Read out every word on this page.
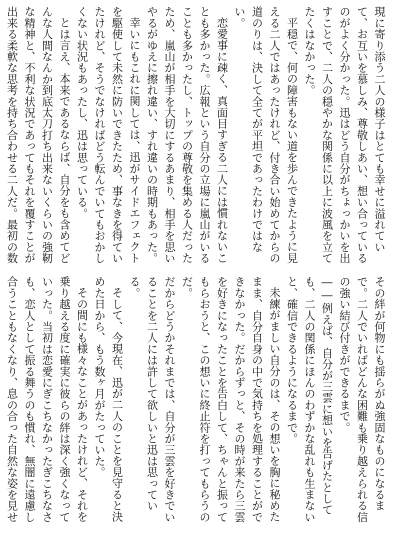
現に寄り添う二人の様子はとても幸せに溢れていて、お互いを慕しみ、尊敬しあい、想い合っているのがよく分かった。迅はどう自分がちょっかいを出すことで、二人の穏やかな関係に以上に波風を立てたくはなかった。
平穏で、何の障害もない道を歩んできたように見える二人ではあったけれど、付き合い始めてからの道のりは、決して全てが平坦であったわけではない。
恋愛事に疎く、真面目すぎる二人には慣れないことも多かった。広報という自分の立場に嵐山がいることも多かったし、トップの尊敬を集める人だったため、嵐山が相手を大切にするあまり、相手を思いやるがゆえに擦れ違い、すれ違いの時期もあった。
幸いにもこれに関しては、迅がサイドエフェクトを駆使して未然に防いできたため、事なきを得ていたけれど、そうでなければどう転んでいてもおかしくない状況もあったし、迅は思っている。
とは言え、本来であるならば、自分をも含めてどんな人間なんか到底太刀打ち出来ないくらいの強靭な精神と、不利な状況であってもそれを覆すことが出来る柔軟な思考を持ち合わせる二人だ。最初の数
その絆が何物にも揺らがぬ強固なものになるまで。二人でいればどんな困難も乗り越えられる信の強い結び付きができるまで。
――例えば、自分が三雲に想いを告げたとしても、二人の関係にほんのわずかな乱れも生まないと、確信できるようになるまで。
未練がましい自分のは、その想いを胸に秘めたまま、自分自身の中で気持ちを処理することができなかった。だからずっと、その時が来たら三雲を好きになったことを告白して、ちゃんと振ってもらおうと、この想いに終止符を打ってもらうのだ。
だからどうかそれまでは、自分が三雲を好きでいることを二人には許して欲しいと迅は思っている。
そして、今現在、迅が二人のことを見守ると決めた日から、もう数ヶ月がたっていた。
その間にも様々なことがあったけれど、それを乗り越える度に確実に彼らの絆は深く強くなっていった。当初は恋愛にぎこちなかったぎこちなさも、恋人として振る舞うのも慣れ、無闇に遠慮し合うこともなくなり、息の合った自然な姿を見せ
